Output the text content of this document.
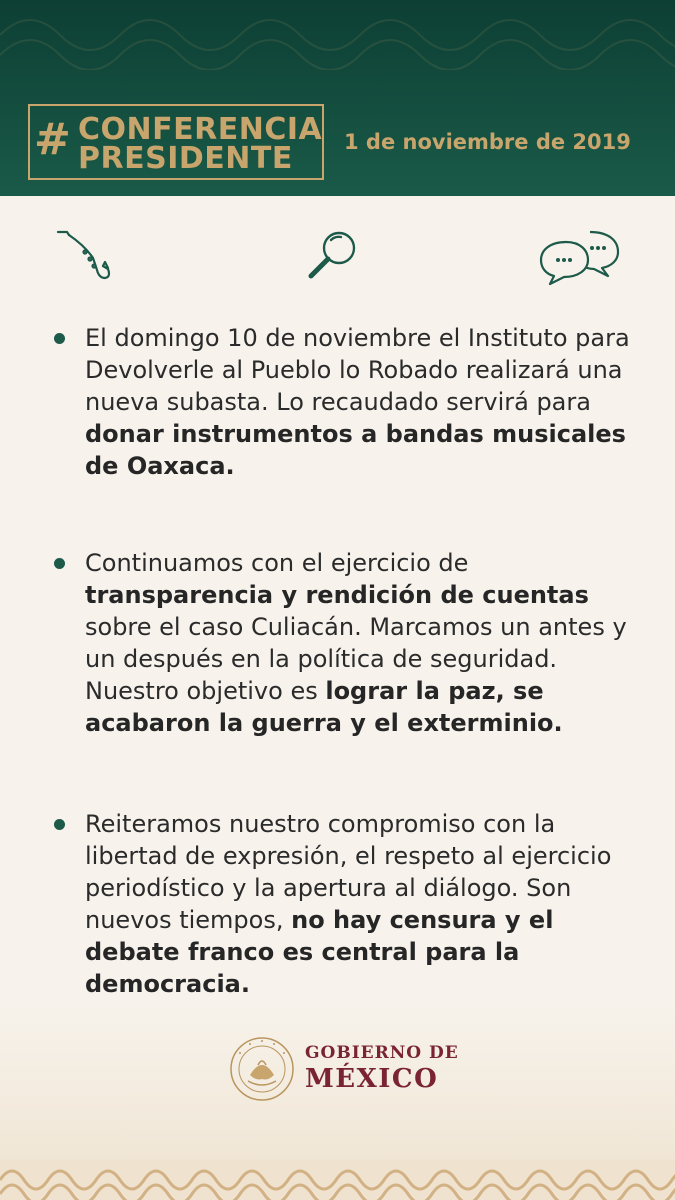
# CONFERENCIA
PRESIDENTE 1 de noviembre de 2019
El domingo 10 de noviembre el Instituto para Devolverle al Pueblo lo Robado realizará una nueva subasta. Lo recaudado servirá para donar instrumentos a bandas musicales de Oaxaca.
Continuamos con el ejercicio de transparencia y rendición de cuentas sobre el caso Culiacán. Marcamos un antes y un después en la política de seguridad. Nuestro objetivo es lograr la paz, se acabaron la guerra y el exterminio.
Reiteramos nuestro compromiso con la libertad de expresión, el respeto al ejercicio periodístico y la apertura al diálogo. Son nuevos tiempos, no hay censura y el debate franco es central para la democracia.
GOBIERNO DE
MÉXICO
